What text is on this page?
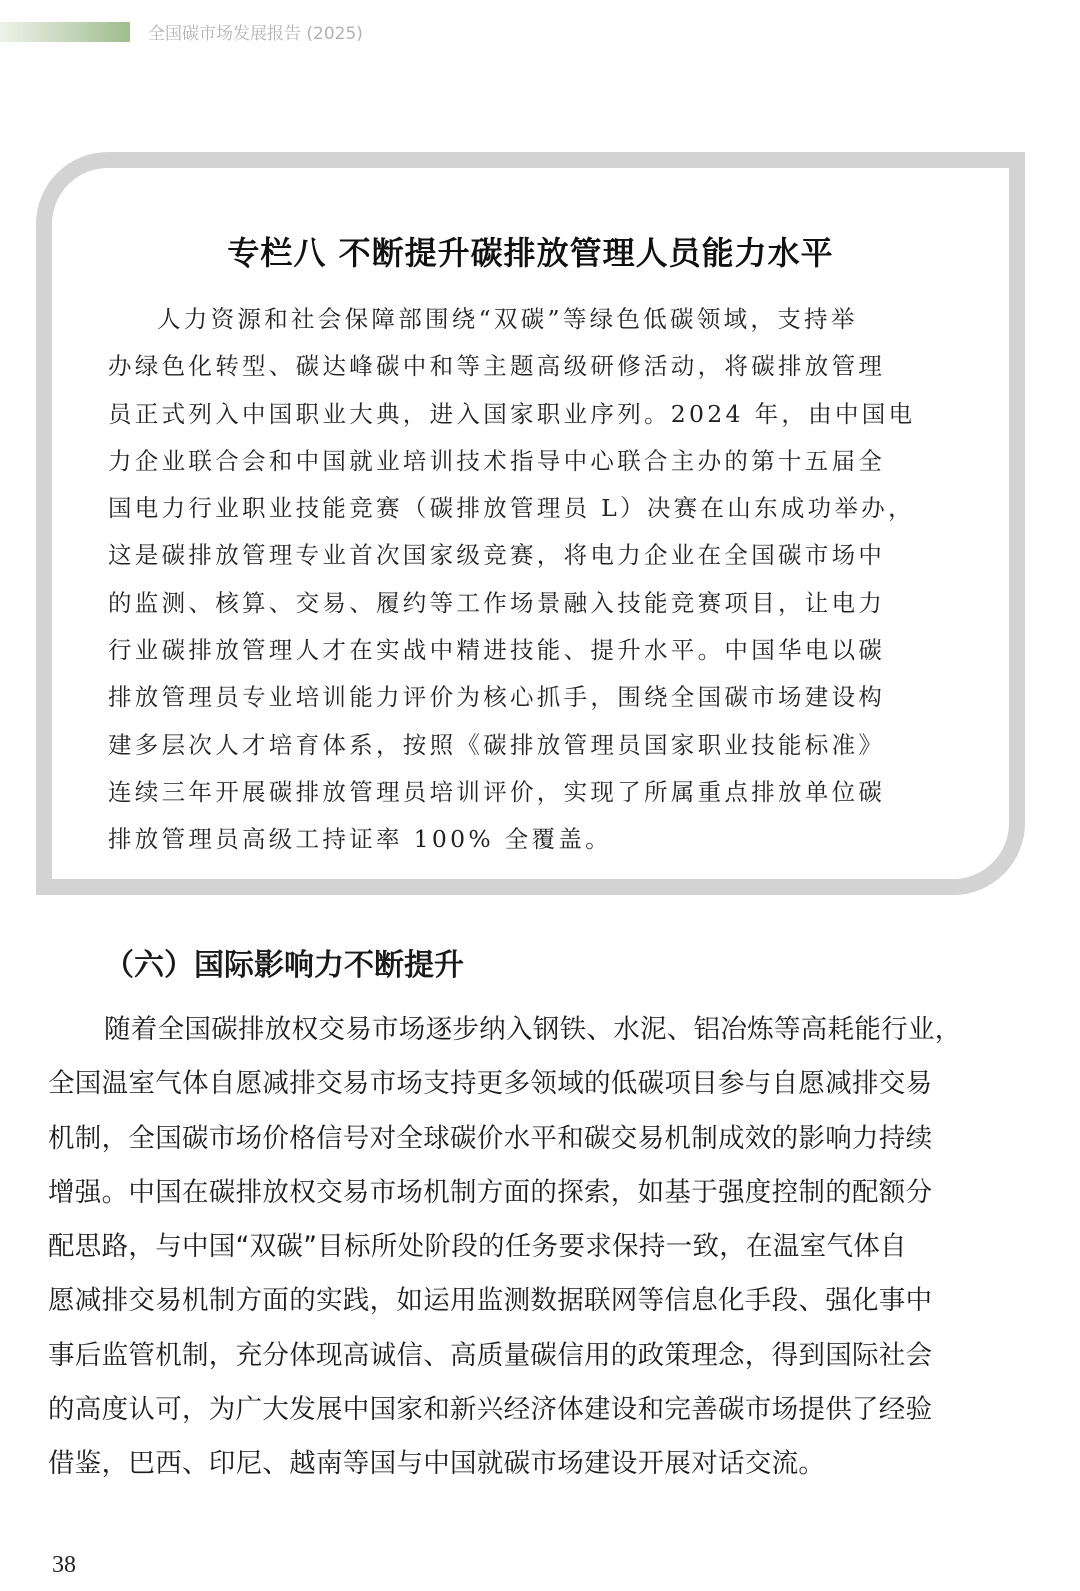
全国碳市场发展报告 (2025)
专栏八 不断提升碳排放管理人员能力水平
人力资源和社会保障部围绕“双碳”等绿色低碳领域，支持举
办绿色化转型、碳达峰碳中和等主题高级研修活动，将碳排放管理
员正式列入中国职业大典，进入国家职业序列。2024 年，由中国电
力企业联合会和中国就业培训技术指导中心联合主办的第十五届全
国电力行业职业技能竞赛（碳排放管理员 L）决赛在山东成功举办，
这是碳排放管理专业首次国家级竞赛，将电力企业在全国碳市场中
的监测、核算、交易、履约等工作场景融入技能竞赛项目，让电力
行业碳排放管理人才在实战中精进技能、提升水平。中国华电以碳
排放管理员专业培训能力评价为核心抓手，围绕全国碳市场建设构
建多层次人才培育体系，按照《碳排放管理员国家职业技能标准》
连续三年开展碳排放管理员培训评价，实现了所属重点排放单位碳
排放管理员高级工持证率 100% 全覆盖。
（六）国际影响力不断提升
随着全国碳排放权交易市场逐步纳入钢铁、水泥、铝冶炼等高耗能行业，
全国温室气体自愿减排交易市场支持更多领域的低碳项目参与自愿减排交易
机制，全国碳市场价格信号对全球碳价水平和碳交易机制成效的影响力持续
增强。中国在碳排放权交易市场机制方面的探索，如基于强度控制的配额分
配思路，与中国“双碳”目标所处阶段的任务要求保持一致，在温室气体自
愿减排交易机制方面的实践，如运用监测数据联网等信息化手段、强化事中
事后监管机制，充分体现高诚信、高质量碳信用的政策理念，得到国际社会
的高度认可，为广大发展中国家和新兴经济体建设和完善碳市场提供了经验
借鉴，巴西、印尼、越南等国与中国就碳市场建设开展对话交流。
38
